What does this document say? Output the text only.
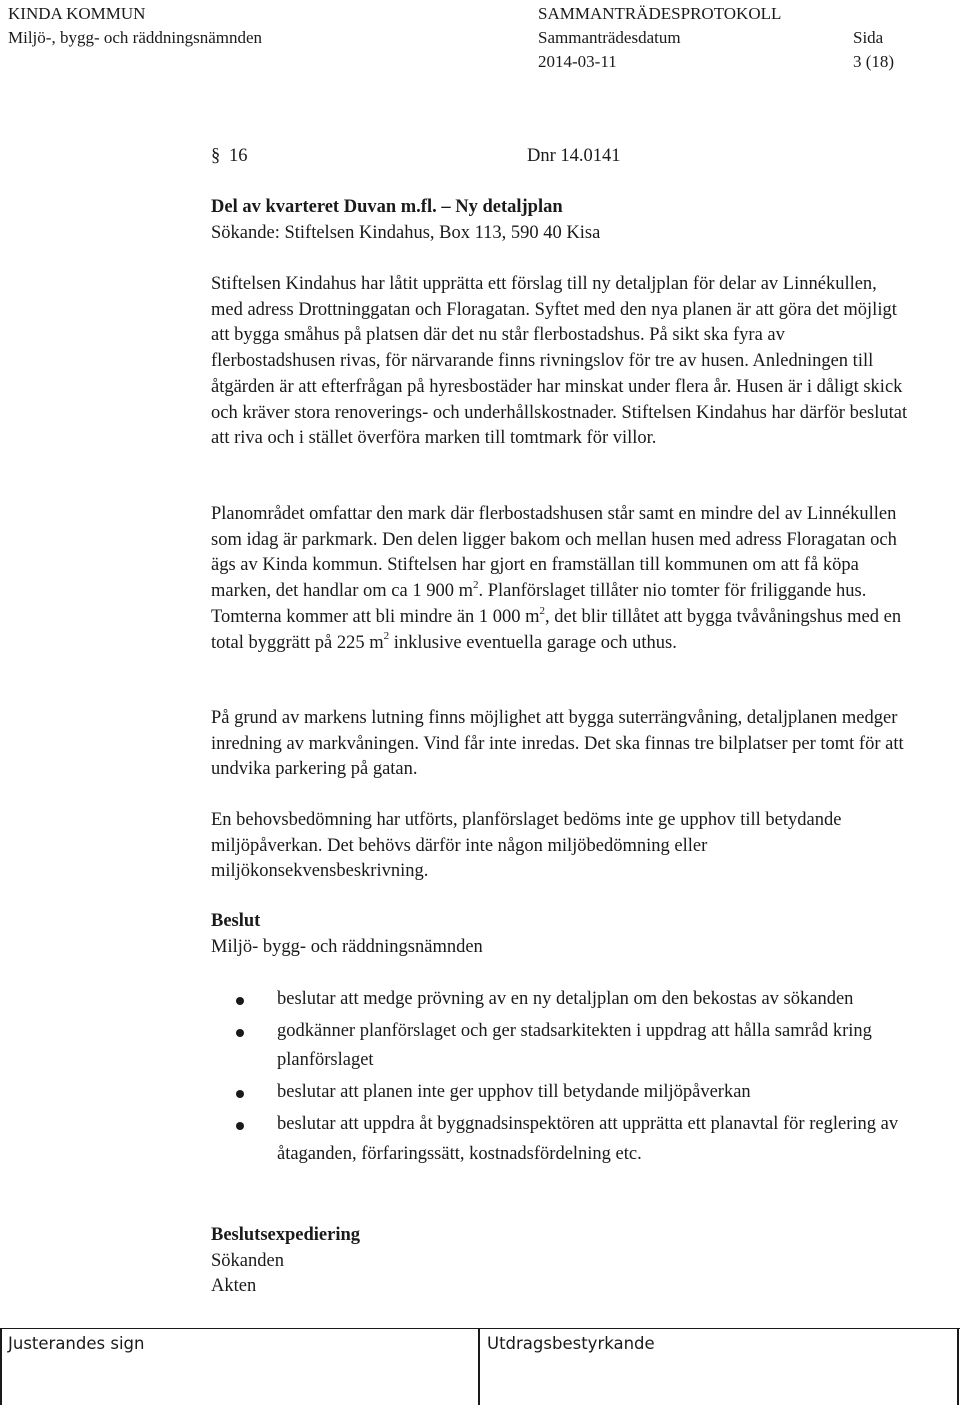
KINDA KOMMUN
Miljö-, bygg- och räddningsnämnden
SAMMANTRÄDESPROTOKOLL
Sammanträdesdatum
2014-03-11
Sida
3 (18)
§ 16	Dnr 14.0141
Del av kvarteret Duvan m.fl. – Ny detaljplan
Sökande: Stiftelsen Kindahus, Box 113, 590 40 Kisa

Stiftelsen Kindahus har låtit upprätta ett förslag till ny detaljplan för delar av Linnékullen, med adress Drottninggatan och Floragatan. Syftet med den nya planen är att göra det möjligt att bygga småhus på platsen där det nu står flerbostadshus. På sikt ska fyra av flerbostadshusen rivas, för närvarande finns rivningslov för tre av husen. Anledningen till åtgärden är att efterfrågan på hyresbostäder har minskat under flera år. Husen är i dåligt skick och kräver stora renoverings- och underhållskostnader. Stiftelsen Kindahus har därför beslutat att riva och i stället överföra marken till tomtmark för villor.

Planområdet omfattar den mark där flerbostadshusen står samt en mindre del av Linnékullen som idag är parkmark. Den delen ligger bakom och mellan husen med adress Floragatan och ägs av Kinda kommun. Stiftelsen har gjort en framställan till kommunen om att få köpa marken, det handlar om ca 1 900 $m^2$. Planförslaget tillåter nio tomter för friliggande hus. Tomterna kommer att bli mindre än 1 000 $m^2$, det blir tillåtet att bygga tvåvåningshus med en total byggrätt på 225 $m^2$ inklusive eventuella garage och uthus.

På grund av markens lutning finns möjlighet att bygga suterrängvåning, detaljplanen medger inredning av markvåningen. Vind får inte inredas. Det ska finnas tre bilplatser per tomt för att undvika parkering på gatan.

En behovsbedömning har utförts, planförslaget bedöms inte ge upphov till betydande miljöpåverkan. Det behövs därför inte någon miljöbedömning eller miljökonsekvensbeskrivning.

Beslut
Miljö- bygg- och räddningsnämnden
beslutar att medge prövning av en ny detaljplan om den bekostas av sökanden
godkänner planförslaget och ger stadsarkitekten i uppdrag att hålla samråd kring planförslaget
beslutar att planen inte ger upphov till betydande miljöpåverkan
beslutar att uppdra åt byggnadsinspektören att upprätta ett planavtal för reglering av åtaganden, förfaringssätt, kostnadsfördelning etc.
Beslutsexpediering
Sökanden
Akten
Justerandes sign	Utdragsbestyrkande
